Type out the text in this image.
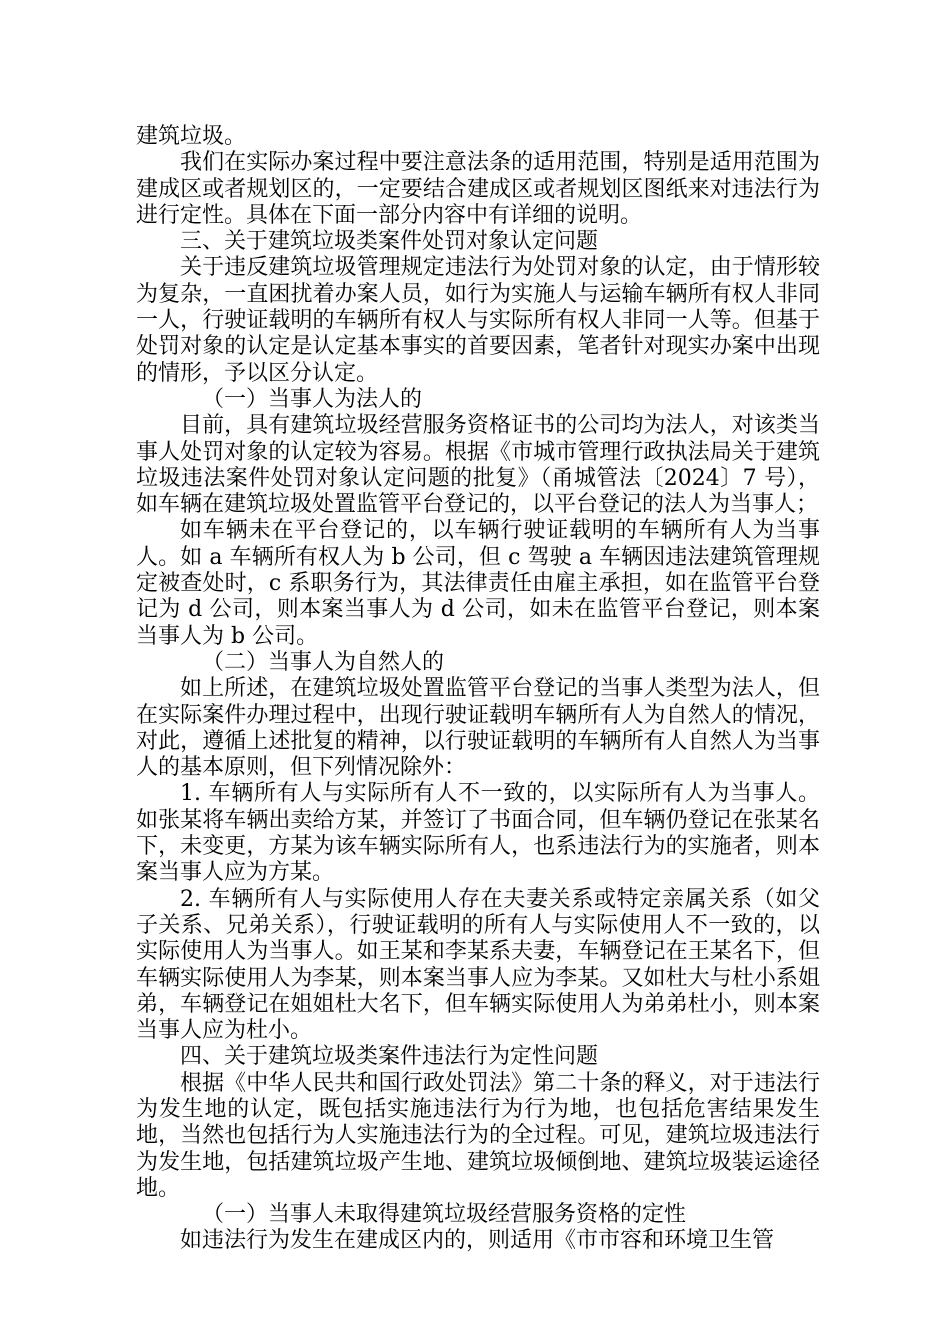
建筑垃圾。

我们在实际办案过程中要注意法条的适用范围，特别是适用范围为建成区或者规划区的，一定要结合建成区或者规划区图纸来对违法行为进行定性。具体在下面一部分内容中有详细的说明。

三、关于建筑垃圾类案件处罚对象认定问题

关于违反建筑垃圾管理规定违法行为处罚对象的认定，由于情形较为复杂，一直困扰着办案人员，如行为实施人与运输车辆所有权人非同一人，行驶证载明的车辆所有权人与实际所有权人非同一人等。但基于处罚对象的认定是认定基本事实的首要因素，笔者针对现实办案中出现的情形，予以区分认定。

（一）当事人为法人的

目前，具有建筑垃圾经营服务资格证书的公司均为法人，对该类当事人处罚对象的认定较为容易。根据《市城市管理行政执法局关于建筑垃圾违法案件处罚对象认定问题的批复》（甬城管法〔2024〕7 号），如车辆在建筑垃圾处置监管平台登记的，以平台登记的法人为当事人；

如车辆未在平台登记的，以车辆行驶证载明的车辆所有人为当事人。如 a 车辆所有权人为 b 公司，但 c 驾驶 a 车辆因违法建筑管理规定被查处时，c 系职务行为，其法律责任由雇主承担，如在监管平台登记为 d 公司，则本案当事人为 d 公司，如未在监管平台登记，则本案当事人为 b 公司。

（二）当事人为自然人的

如上所述，在建筑垃圾处置监管平台登记的当事人类型为法人，但在实际案件办理过程中，出现行驶证载明车辆所有人为自然人的情况，对此，遵循上述批复的精神，以行驶证载明的车辆所有人自然人为当事人的基本原则，但下列情况除外：

1. 车辆所有人与实际所有人不一致的，以实际所有人为当事人。如张某将车辆出卖给方某，并签订了书面合同，但车辆仍登记在张某名下，未变更，方某为该车辆实际所有人，也系违法行为的实施者，则本案当事人应为方某。

2. 车辆所有人与实际使用人存在夫妻关系或特定亲属关系（如父子关系、兄弟关系），行驶证载明的所有人与实际使用人不一致的，以实际使用人为当事人。如王某和李某系夫妻，车辆登记在王某名下，但车辆实际使用人为李某，则本案当事人应为李某。又如杜大与杜小系姐弟，车辆登记在姐姐杜大名下，但车辆实际使用人为弟弟杜小，则本案当事人应为杜小。

四、关于建筑垃圾类案件违法行为定性问题

根据《中华人民共和国行政处罚法》第二十条的释义，对于违法行为发生地的认定，既包括实施违法行为行为地，也包括危害结果发生地，当然也包括行为人实施违法行为的全过程。可见，建筑垃圾违法行为发生地，包括建筑垃圾产生地、建筑垃圾倾倒地、建筑垃圾装运途径地。

（一）当事人未取得建筑垃圾经营服务资格的定性

如违法行为发生在建成区内的，则适用《市市容和环境卫生管
